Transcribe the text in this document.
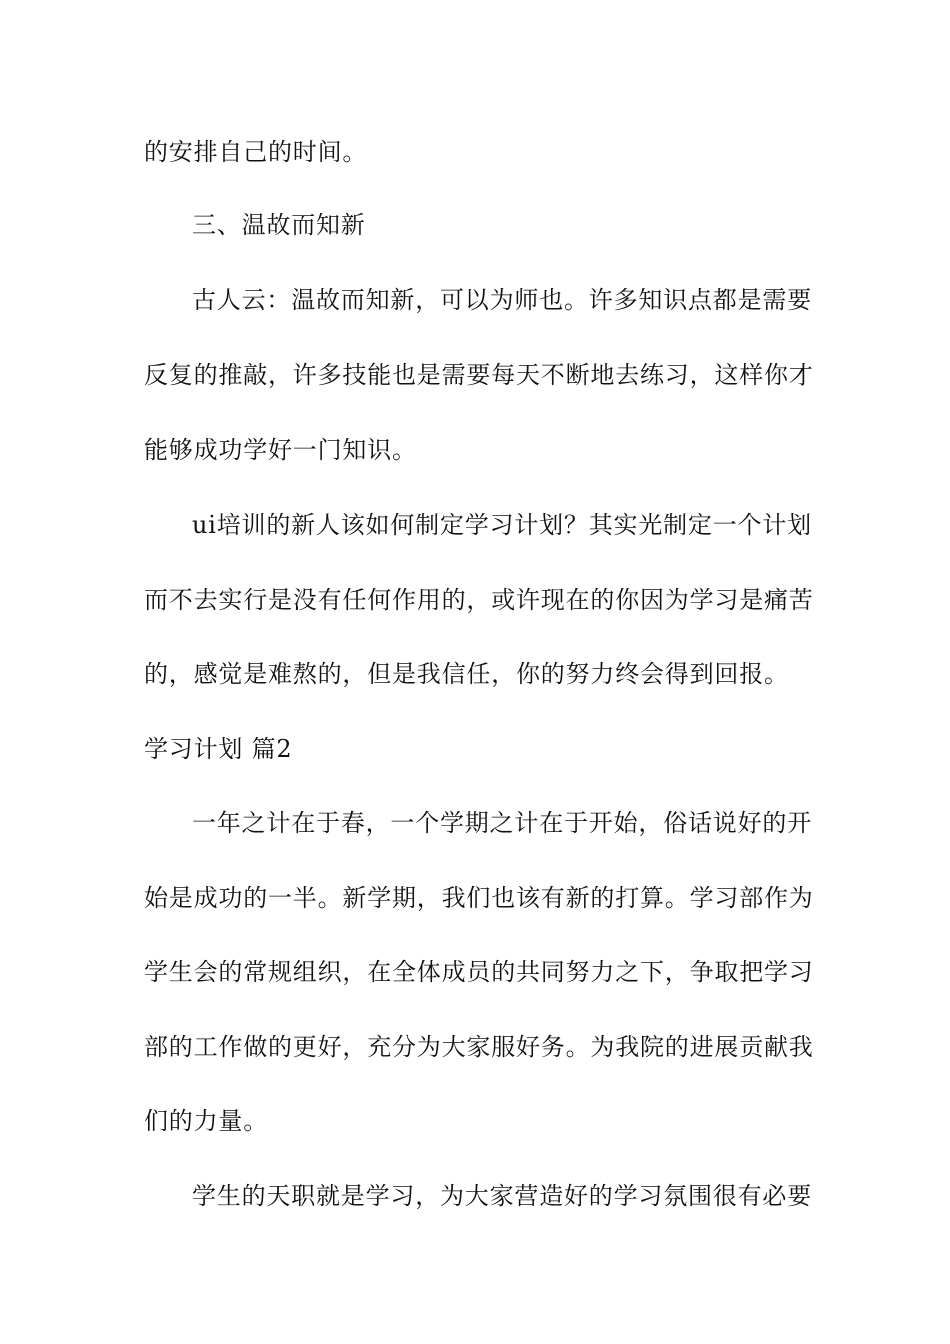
的安排自己的时间。
三、温故而知新
古人云：温故而知新，可以为师也。许多知识点都是需要
反复的推敲，许多技能也是需要每天不断地去练习，这样你才
能够成功学好一门知识。
ui培训的新人该如何制定学习计划？其实光制定一个计划
而不去实行是没有任何作用的，或许现在的你因为学习是痛苦
的，感觉是难熬的，但是我信任，你的努力终会得到回报。
学习计划 篇2
一年之计在于春，一个学期之计在于开始，俗话说好的开
始是成功的一半。新学期，我们也该有新的打算。学习部作为
学生会的常规组织，在全体成员的共同努力之下，争取把学习
部的工作做的更好，充分为大家服好务。为我院的进展贡献我
们的力量。
学生的天职就是学习，为大家营造好的学习氛围很有必要
